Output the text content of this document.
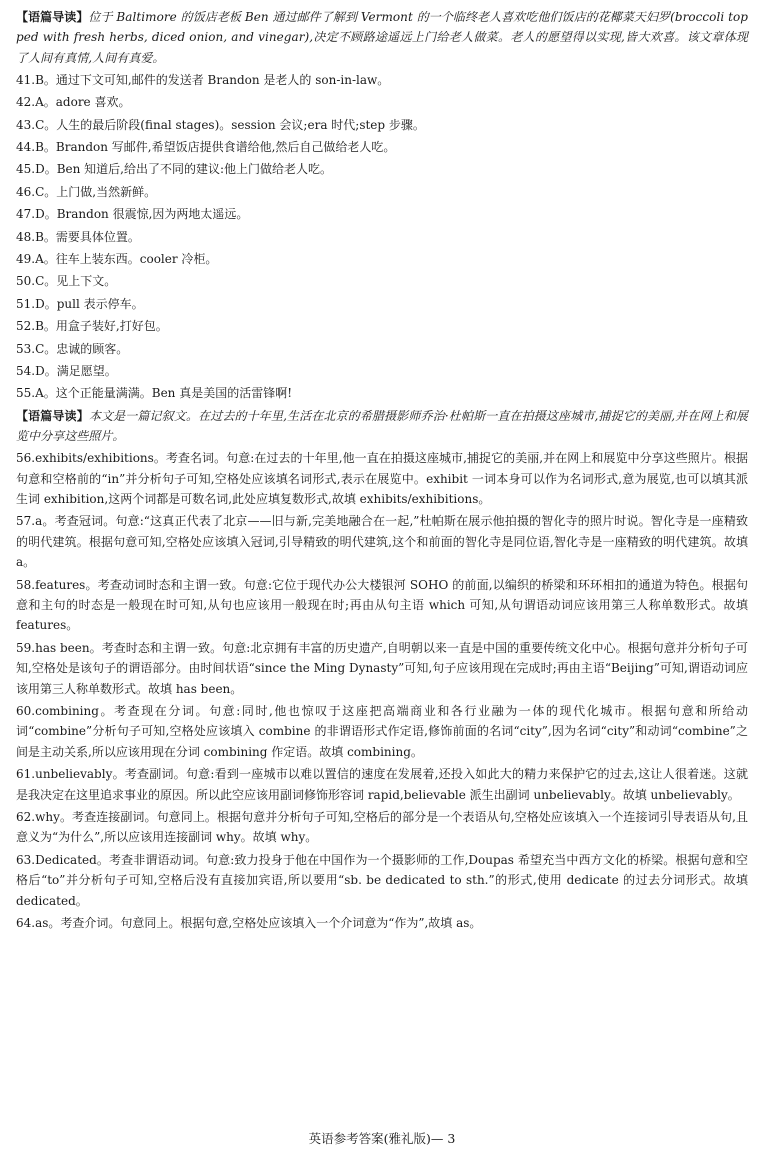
【语篇导读】位于 Baltimore 的饭店老板 Ben 通过邮件了解到 Vermont 的一个临终老人喜欢吃他们饭店的花椰菜天妇罗(broccoli topped with fresh herbs, diced onion, and vinegar),决定不顾路途遥远上门给老人做菜。老人的愿望得以实现,皆大欢喜。该文章体现了人间有真情,人间有真爱。

41.B。通过下文可知,邮件的发送者 Brandon 是老人的 son-in-law。

42.A。adore 喜欢。

43.C。人生的最后阶段(final stages)。session 会议;era 时代;step 步骤。

44.B。Brandon 写邮件,希望饭店提供食谱给他,然后自己做给老人吃。

45.D。Ben 知道后,给出了不同的建议:他上门做给老人吃。

46.C。上门做,当然新鲜。

47.D。Brandon 很震惊,因为两地太遥远。

48.B。需要具体位置。

49.A。往车上装东西。cooler 冷柜。

50.C。见上下文。

51.D。pull 表示停车。

52.B。用盒子装好,打好包。

53.C。忠诚的顾客。

54.D。满足愿望。

55.A。这个正能量满满。Ben 真是美国的活雷锋啊!

【语篇导读】本文是一篇记叙文。在过去的十年里,生活在北京的希腊摄影师乔治·杜帕斯一直在拍摄这座城市,捕捉它的美丽,并在网上和展览中分享这些照片。

56.exhibits/exhibitions。考查名词。句意:在过去的十年里,他一直在拍摄这座城市,捕捉它的美丽,并在网上和展览中分享这些照片。根据句意和空格前的“in”并分析句子可知,空格处应该填名词形式,表示在展览中。exhibit 一词本身可以作为名词形式,意为展览,也可以填其派生词 exhibition,这两个词都是可数名词,此处应填复数形式,故填 exhibits/exhibitions。

57.a。考查冠词。句意:“这真正代表了北京——旧与新,完美地融合在一起,”杜帕斯在展示他拍摄的智化寺的照片时说。智化寺是一座精致的明代建筑。根据句意可知,空格处应该填入冠词,引导精致的明代建筑,这个和前面的智化寺是同位语,智化寺是一座精致的明代建筑。故填 a。

58.features。考查动词时态和主谓一致。句意:它位于现代办公大楼银河 SOHO 的前面,以编织的桥梁和环环相扣的通道为特色。根据句意和主句的时态是一般现在时可知,从句也应该用一般现在时;再由从句主语 which 可知,从句谓语动词应该用第三人称单数形式。故填 features。

59.has been。考查时态和主谓一致。句意:北京拥有丰富的历史遗产,自明朝以来一直是中国的重要传统文化中心。根据句意并分析句子可知,空格处是该句子的谓语部分。由时间状语“since the Ming Dynasty”可知,句子应该用现在完成时;再由主语“Beijing”可知,谓语动词应该用第三人称单数形式。故填 has been。

60.combining。考查现在分词。句意:同时,他也惊叹于这座把高端商业和各行业融为一体的现代化城市。根据句意和所给动词“combine”分析句子可知,空格处应该填入 combine 的非谓语形式作定语,修饰前面的名词“city”,因为名词“city”和动词“combine”之间是主动关系,所以应该用现在分词 combining 作定语。故填 combining。

61.unbelievably。考查副词。句意:看到一座城市以难以置信的速度在发展着,还投入如此大的精力来保护它的过去,这让人很着迷。这就是我决定在这里追求事业的原因。所以此空应该用副词修饰形容词 rapid,believable 派生出副词 unbelievably。故填 unbelievably。

62.why。考查连接副词。句意同上。根据句意并分析句子可知,空格后的部分是一个表语从句,空格处应该填入一个连接词引导表语从句,且意义为“为什么”,所以应该用连接副词 why。故填 why。

63.Dedicated。考查非谓语动词。句意:致力投身于他在中国作为一个摄影师的工作,Doupas 希望充当中西方文化的桥梁。根据句意和空格后“to”并分析句子可知,空格后没有直接加宾语,所以要用“sb. be dedicated to sth.”的形式,使用 dedicate 的过去分词形式。故填 dedicated。

64.as。考查介词。句意同上。根据句意,空格处应该填入一个介词意为“作为”,故填 as。

英语参考答案(雅礼版)— 3
